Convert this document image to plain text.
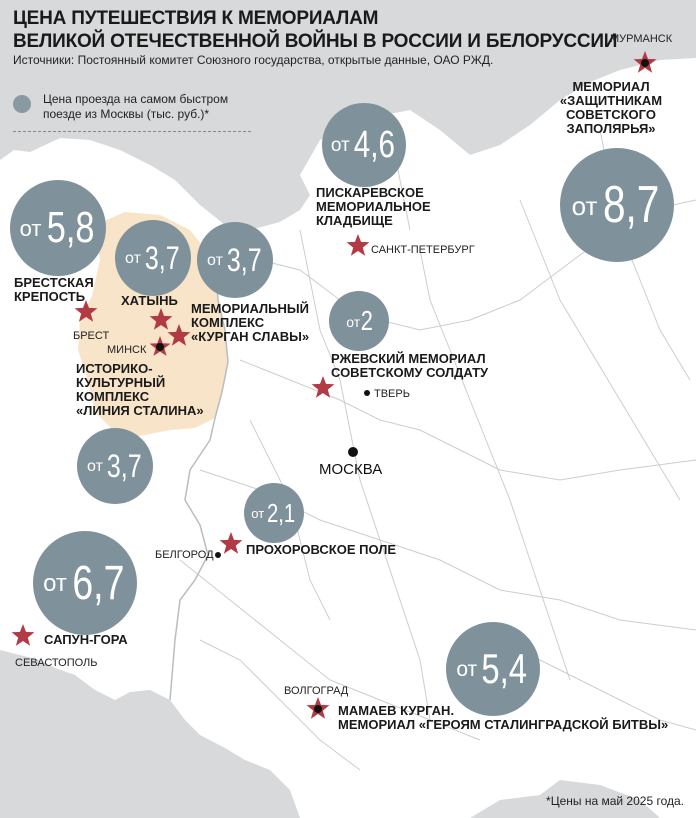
ЦЕНА ПУТЕШЕСТВИЯ К МЕМОРИАЛАМ
ВЕЛИКОЙ ОТЕЧЕСТВЕННОЙ ВОЙНЫ В РОССИИ И БЕЛОРУССИИ
Источники: Постоянный комитет Союзного государства, открытые данные, ОАО РЖД.
Цена проезда на самом быстром
поезде из Москвы (тыс. руб.)*
от 8,7
от 4,6
от 5,8
от 3,7 от 3,7
от 3,7
от 2
от 2,1
от 6,7
от 5,4
МЕМОРИАЛ
«ЗАЩИТНИКАМ
СОВЕТСКОГО
ЗАПОЛЯРЬЯ»
ПИСКАРЕВСКОЕ
МЕМОРИАЛЬНОЕ
КЛАДБИЩЕ
БРЕСТСКАЯ
КРЕПОСТЬ	ХАТЫНЬ
МЕМОРИАЛЬНЫЙ
КОМПЛЕКС
«КУРГАН СЛАВЫ»
ИСТОРИКО-
КУЛЬТУРНЫЙ
КОМПЛЕКС
«ЛИНИЯ СТАЛИНА»
РЖЕВСКИЙ МЕМОРИАЛ
СОВЕТСКОМУ СОЛДАТУ
ПРОХОРОВСКОЕ ПОЛЕ
САПУН-ГОРА
МАМАЕВ КУРГАН.
МЕМОРИАЛ «ГЕРОЯМ СТАЛИНГРАДСКОЙ БИТВЫ»
МУРМАНСК
САНКТ-ПЕТЕРБУРГ
БРЕСТ
МИНСК
ТВЕРЬ
МОСКВА
БЕЛГОРОД
СЕВАСТОПОЛЬ
ВОЛГОГРАД
*Цены на май 2025 года.
